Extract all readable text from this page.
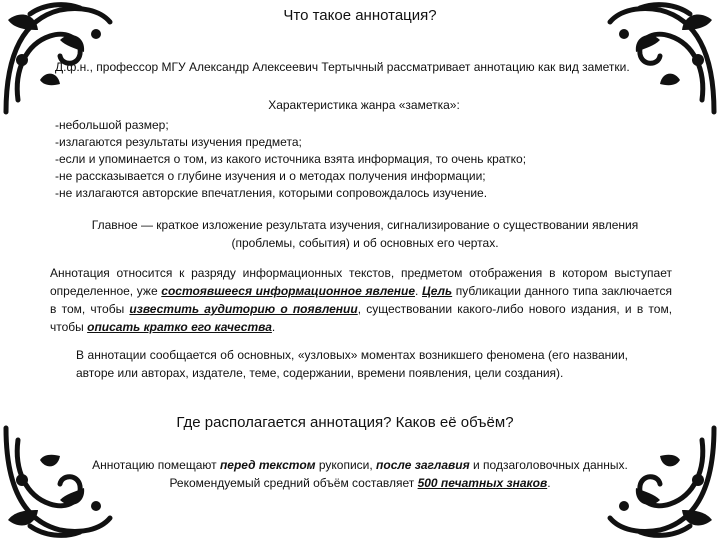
Что такое аннотация?
Д.ф.н., профессор МГУ Александр Алексеевич Тертычный рассматривает аннотацию как вид заметки.
Характеристика жанра «заметка»:
-небольшой размер;
-излагаются результаты изучения предмета;
-если и упоминается о том, из какого источника взята информация, то очень кратко;
-не рассказывается о глубине изучения и о методах получения информации;
-не излагаются авторские впечатления, которыми сопровождалось изучение.
Главное — краткое изложение результата изучения, сигнализирование о существовании явления (проблемы, события) и об основных его чертах.
Аннотация относится к разряду информационных текстов, предметом отображения в котором выступает определенное, уже состоявшееся информационное явление. Цель публикации данного типа заключается в том, чтобы известить аудиторию о появлении, существовании какого-либо нового издания, и в том, чтобы описать кратко его качества.
В аннотации сообщается об основных, «узловых» моментах возникшего феномена (его названии, авторе или авторах, издателе, теме, содержании, времени появления, цели создания).
Где располагается аннотация? Каков её объём?
Аннотацию помещают перед текстом рукописи, после заглавия и подзаголовочных данных.
Рекомендуемый средний объём составляет 500 печатных знаков.
